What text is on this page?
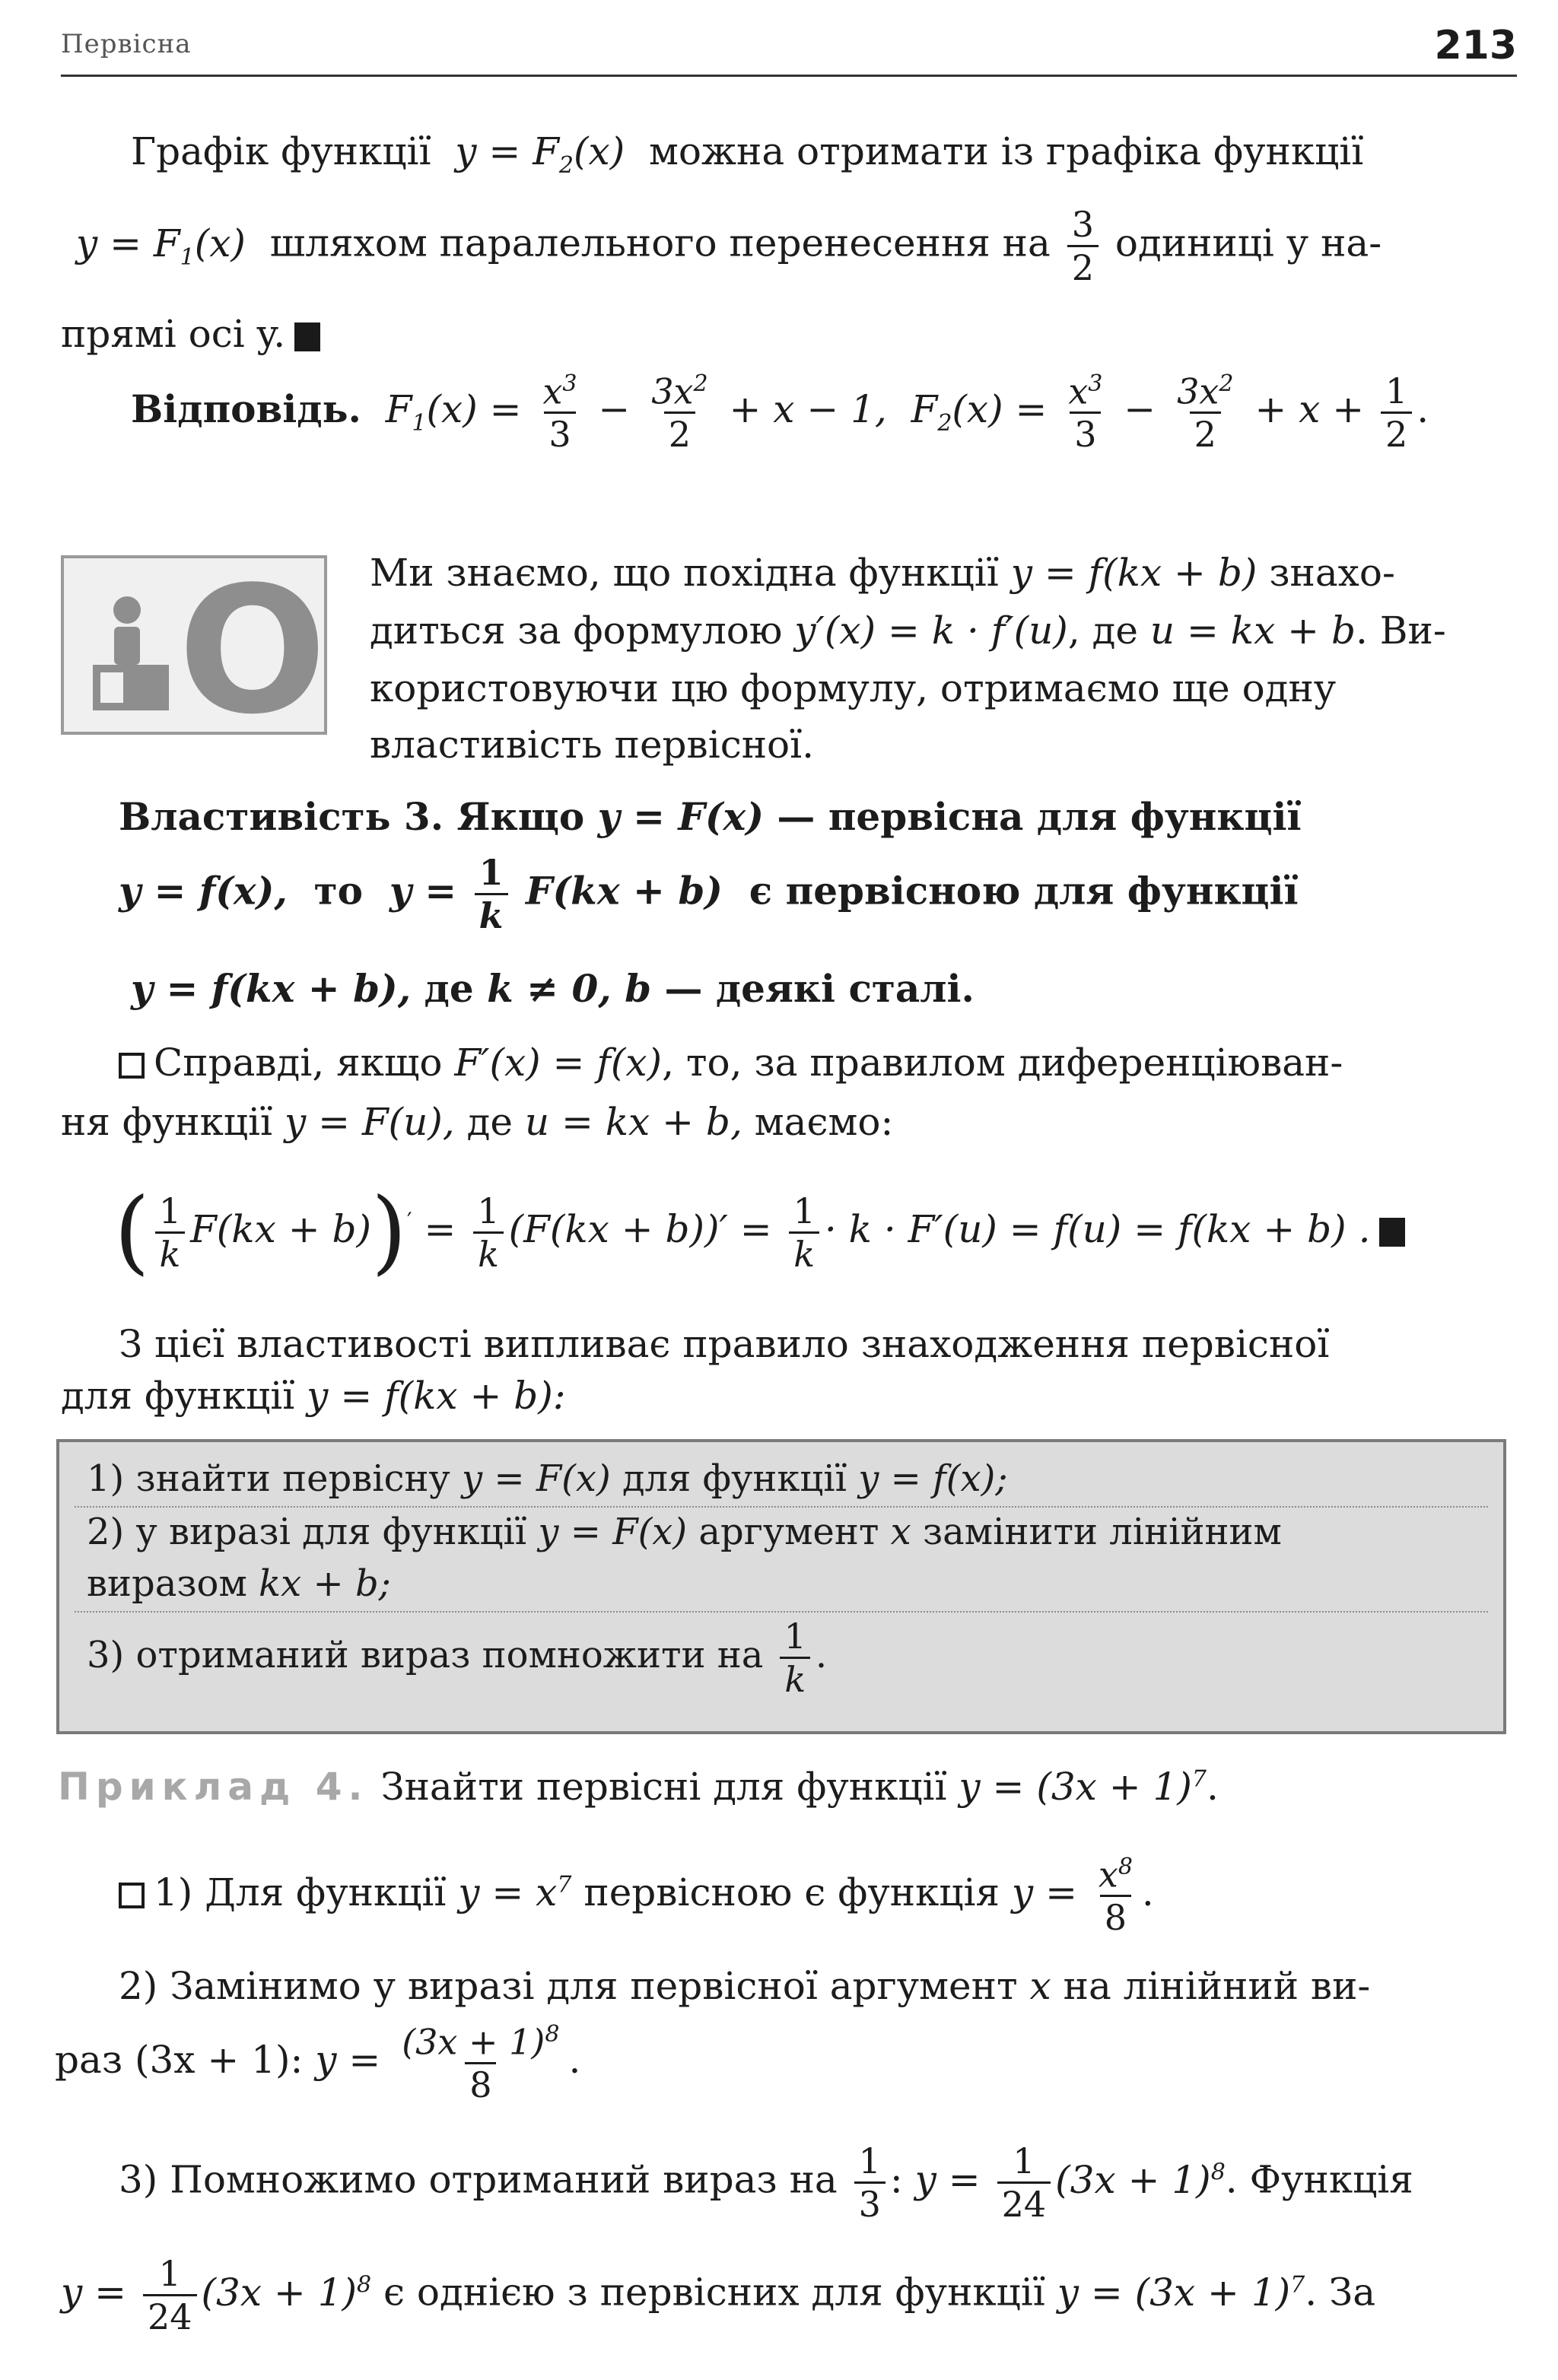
Первісна	213
Графік функції $y = F_2(x)$ можна отримати із графіка функції
$y = F_1(x)$ шляхом паралельного перенесення на $\frac{3}{2}$ одиниці у на-
прямі осі y.
Відповідь. $F_1(x) = \frac{x^3}{3} - \frac{3x^2}{2} + x - 1$, $F_2(x) = \frac{x^3}{3} - \frac{3x^2}{2} + x + \frac{1}{2}$ .
О Ми знаємо, що похідна функції y = f(kx + b) знахо-
диться за формулою y′(x) = k · f′(u), де u = kx + b. Ви-
користовуючи цю формулу, отримаємо ще одну
властивість первісної.
Властивість 3. Якщо y = F(x) — первісна для функції
y = f(x), то $y = \frac{1}{k} F(kx + b)$ є первісною для функції
y = f(kx + b), де k ≠ 0, b — деякі сталі.
Справді, якщо F′(x) = f(x), то, за правилом диференціюван-
ня функції y = F(u), де u = kx + b, маємо:
( $\frac{1}{k} F(kx + b))' = \frac{1}{k} (F(kx + b))' = \frac{1}{k} \cdot k \cdot F'(u) = f(u) = f(kx + b)$ .
З цієї властивості випливає правило знаходження первісної
для функції y = f(kx + b):
1) знайти первісну y = F(x) для функції y = f(x);
2) у виразі для функції y = F(x) аргумент x замінити лінійним
виразом kx + b;
3) отриманий вираз помножити на $\frac{1}{k}$ .
Приклад 4. Знайти первісні для функції $y = (3x + 1)^7$.
1) Для функції $y = x^7$ первісною є функція $y = \frac{x^8}{8}$ .
2) Замінимо у виразі для первісної аргумент x на лінійний ви-
раз (3x + 1): $y = \frac{(3x + 1)^8}{8}$ .
3) Помножимо отриманий вираз на $\frac{1}{3}$ : $y = \frac{1}{24} (3x + 1)^8$. Функція
$y = \frac{1}{24} (3x + 1)^8$ є однією з первісних для функції $y = (3x + 1)^7$. За
